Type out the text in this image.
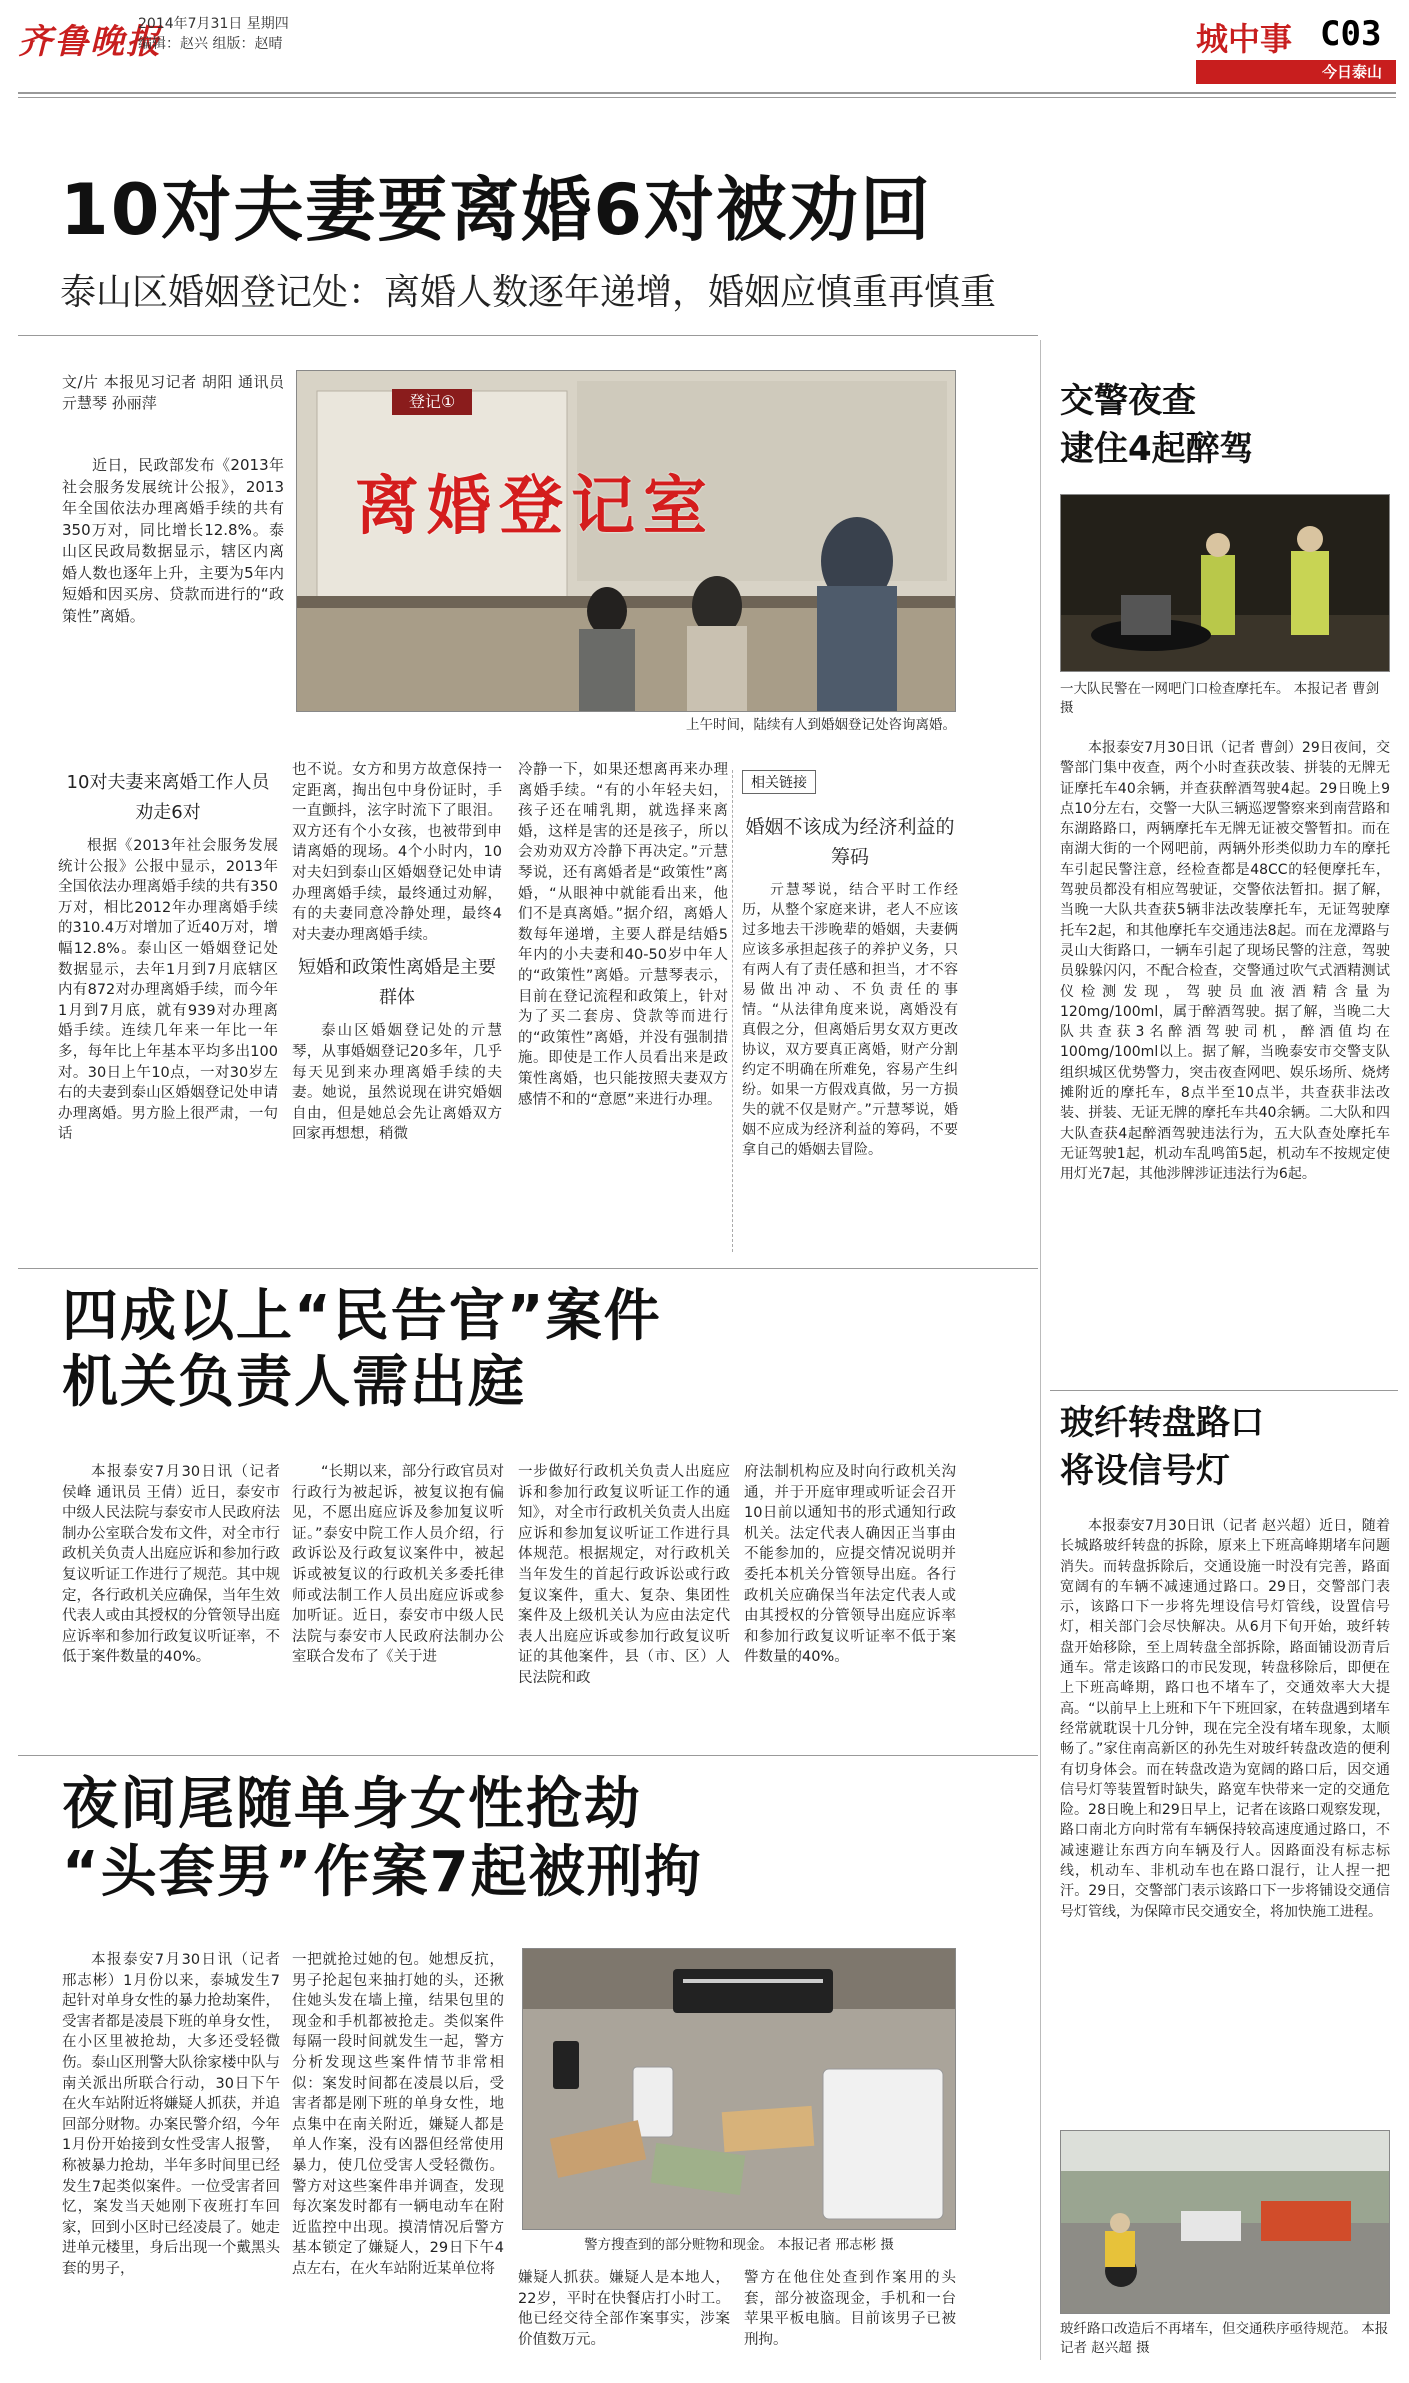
齐鲁晚报
2014年7月31日 星期四
编辑：赵兴 组版：赵晴	城中事 C03
今日泰山
10对夫妻要离婚6对被劝回
泰山区婚姻登记处：离婚人数逐年递增，婚姻应慎重再慎重
文/片 本报见习记者 胡阳 通讯员 亓慧琴 孙丽萍

近日，民政部发布《2013年社会服务发展统计公报》，2013年全国依法办理离婚手续的共有350万对，同比增长12.8%。泰山区民政局数据显示，辖区内离婚人数也逐年上升，主要为5年内短婚和因买房、贷款而进行的“政策性”离婚。

登记①
离婚登记室
上午时间，陆续有人到婚姻登记处咨询离婚。
10对夫妻来离婚工作人员劝走6对

根据《2013年社会服务发展统计公报》公报中显示，2013年全国依法办理离婚手续的共有350万对，相比2012年办理离婚手续的310.4万对增加了近40万对，增幅12.8%。泰山区一婚姻登记处数据显示，去年1月到7月底辖区内有872对办理离婚手续，而今年1月到7月底，就有939对办理离婚手续。连续几年来一年比一年多，每年比上年基本平均多出100对。30日上午10点，一对30岁左右的夫妻到泰山区婚姻登记处申请办理离婚。男方脸上很严肃，一句话

也不说。女方和男方故意保持一定距离，掏出包中身份证时，手一直颤抖，泫字时流下了眼泪。双方还有个小女孩，也被带到申请离婚的现场。4个小时内，10对夫妇到泰山区婚姻登记处申请办理离婚手续，最终通过劝解，有的夫妻同意冷静处理，最终4对夫妻办理离婚手续。
短婚和政策性离婚是主要群体

泰山区婚姻登记处的亓慧琴，从事婚姻登记20多年，几乎每天见到来办理离婚手续的夫妻。她说，虽然说现在讲究婚姻自由，但是她总会先让离婚双方回家再想想，稍微

冷静一下，如果还想离再来办理离婚手续。“有的小年轻夫妇，孩子还在哺乳期，就选择来离婚，这样是害的还是孩子，所以会劝劝双方冷静下再决定。”亓慧琴说，还有离婚者是“政策性”离婚，“从眼神中就能看出来，他们不是真离婚。”据介绍，离婚人数每年递增，主要人群是结婚5年内的小夫妻和40-50岁中年人的“政策性”离婚。亓慧琴表示，目前在登记流程和政策上，针对为了买二套房、贷款等而进行的“政策性”离婚，并没有强制措施。即使是工作人员看出来是政策性离婚，也只能按照夫妻双方感情不和的“意愿”来进行办理。
相关链接
婚姻不该成为经济利益的筹码

亓慧琴说，结合平时工作经历，从整个家庭来讲，老人不应该过多地去干涉晚辈的婚姻，夫妻俩应该多承担起孩子的养护义务，只有两人有了责任感和担当，才不容易做出冲动、不负责任的事情。“从法律角度来说，离婚没有真假之分，但离婚后男女双方更改协议，双方要真正离婚，财产分割约定不明确在所难免，容易产生纠纷。如果一方假戏真做，另一方损失的就不仅是财产。”亓慧琴说，婚姻不应成为经济利益的筹码，不要拿自己的婚姻去冒险。

四成以上“民告官”案件
机关负责人需出庭

本报泰安7月30日讯（记者 侯峰 通讯员 王倩）近日，泰安市中级人民法院与泰安市人民政府法制办公室联合发布文件，对全市行政机关负责人出庭应诉和参加行政复议听证工作进行了规范。其中规定，各行政机关应确保，当年生效代表人或由其授权的分管领导出庭应诉率和参加行政复议听证率，不低于案件数量的40%。

“长期以来，部分行政官员对行政行为被起诉，被复议抱有偏见，不愿出庭应诉及参加复议听证。”泰安中院工作人员介绍，行政诉讼及行政复议案件中，被起诉或被复议的行政机关多委托律师或法制工作人员出庭应诉或参加听证。近日，泰安市中级人民法院与泰安市人民政府法制办公室联合发布了《关于进

一步做好行政机关负责人出庭应诉和参加行政复议听证工作的通知》，对全市行政机关负责人出庭应诉和参加复议听证工作进行具体规范。根据规定，对行政机关当年发生的首起行政诉讼或行政复议案件，重大、复杂、集团性案件及上级机关认为应由法定代表人出庭应诉或参加行政复议听证的其他案件，县（市、区）人民法院和政
府法制机构应及时向行政机关沟通，并于开庭审理或听证会召开10日前以通知书的形式通知行政机关。法定代表人确因正当事由不能参加的，应提交情况说明并委托本机关分管领导出庭。各行政机关应确保当年法定代表人或由其授权的分管领导出庭应诉率和参加行政复议听证率不低于案件数量的40%。
夜间尾随单身女性抢劫
“头套男”作案7起被刑拘

本报泰安7月30日讯（记者 邢志彬）1月份以来，泰城发生7起针对单身女性的暴力抢劫案件，受害者都是凌晨下班的单身女性，在小区里被抢劫，大多还受轻微伤。泰山区刑警大队徐家楼中队与南关派出所联合行动，30日下午在火车站附近将嫌疑人抓获，并追回部分财物。办案民警介绍，今年1月份开始接到女性受害人报警，称被暴力抢劫，半年多时间里已经发生7起类似案件。一位受害者回忆，案发当天她刚下夜班打车回家，回到小区时已经凌晨了。她走进单元楼里，身后出现一个戴黑头套的男子，

一把就抢过她的包。她想反抗，男子抡起包来抽打她的头，还揪住她头发在墙上撞，结果包里的现金和手机都被抢走。类似案件每隔一段时间就发生一起，警方分析发现这些案件情节非常相似：案发时间都在凌晨以后，受害者都是刚下班的单身女性，地点集中在南关附近，嫌疑人都是单人作案，没有凶器但经常使用暴力，使几位受害人受轻微伤。警方对这些案件串并调查，发现每次案发时都有一辆电动车在附近监控中出现。摸清情况后警方基本锁定了嫌疑人，29日下午4点左右，在火车站附近某单位将
警方搜查到的部分赃物和现金。 本报记者 邢志彬 摄
嫌疑人抓获。嫌疑人是本地人，22岁，平时在快餐店打小时工。他已经交待全部作案事实，涉案价值数万元。
警方在他住处查到作案用的头套，部分被盗现金，手机和一台苹果平板电脑。目前该男子已被刑拘。
交警夜查
逮住4起醉驾
一大队民警在一网吧门口检查摩托车。 本报记者 曹剑 摄

本报泰安7月30日讯（记者 曹剑）29日夜间，交警部门集中夜查，两个小时查获改装、拼装的无牌无证摩托车40余辆，并查获醉酒驾驶4起。29日晚上9点10分左右，交警一大队三辆巡逻警察来到南营路和东湖路路口，两辆摩托车无牌无证被交警暂扣。而在南湖大街的一个网吧前，两辆外形类似助力车的摩托车引起民警注意，经检查都是48CC的轻便摩托车，驾驶员都没有相应驾驶证，交警依法暂扣。据了解，当晚一大队共查获5辆非法改装摩托车，无证驾驶摩托车2起，和其他摩托车交通违法8起。而在龙潭路与灵山大街路口，一辆车引起了现场民警的注意，驾驶员躲躲闪闪，不配合检查，交警通过吹气式酒精测试仪检测发现，驾驶员血液酒精含量为120mg/100ml，属于醉酒驾驶。据了解，当晚二大队共查获3名醉酒驾驶司机，醉酒值均在100mg/100ml以上。据了解，当晚泰安市交警支队组织城区优势警力，突击夜查网吧、娱乐场所、烧烤摊附近的摩托车，8点半至10点半，共查获非法改装、拼装、无证无牌的摩托车共40余辆。二大队和四大队查获4起醉酒驾驶违法行为，五大队查处摩托车无证驾驶1起，机动车乱鸣笛5起，机动车不按规定使用灯光7起，其他涉牌涉证违法行为6起。

玻纤转盘路口
将设信号灯

本报泰安7月30日讯（记者 赵兴超）近日，随着长城路玻纤转盘的拆除，原来上下班高峰期堵车问题消失。而转盘拆除后，交通设施一时没有完善，路面宽阔有的车辆不减速通过路口。29日，交警部门表示，该路口下一步将先埋设信号灯管线，设置信号灯，相关部门会尽快解决。从6月下旬开始，玻纤转盘开始移除，至上周转盘全部拆除，路面铺设沥青后通车。常走该路口的市民发现，转盘移除后，即便在上下班高峰期，路口也不堵车了，交通效率大大提高。“以前早上上班和下午下班回家，在转盘遇到堵车经常就耽误十几分钟，现在完全没有堵车现象，太顺畅了。”家住南高新区的孙先生对玻纤转盘改造的便利有切身体会。而在转盘改造为宽阔的路口后，因交通信号灯等装置暂时缺失，路宽车快带来一定的交通危险。28日晚上和29日早上，记者在该路口观察发现，路口南北方向时常有车辆保持较高速度通过路口，不减速避让东西方向车辆及行人。因路面没有标志标线，机动车、非机动车也在路口混行，让人捏一把汗。29日，交警部门表示该路口下一步将铺设交通信号灯管线，为保障市民交通安全，将加快施工进程。

玻纤路口改造后不再堵车，但交通秩序亟待规范。 本报记者 赵兴超 摄
